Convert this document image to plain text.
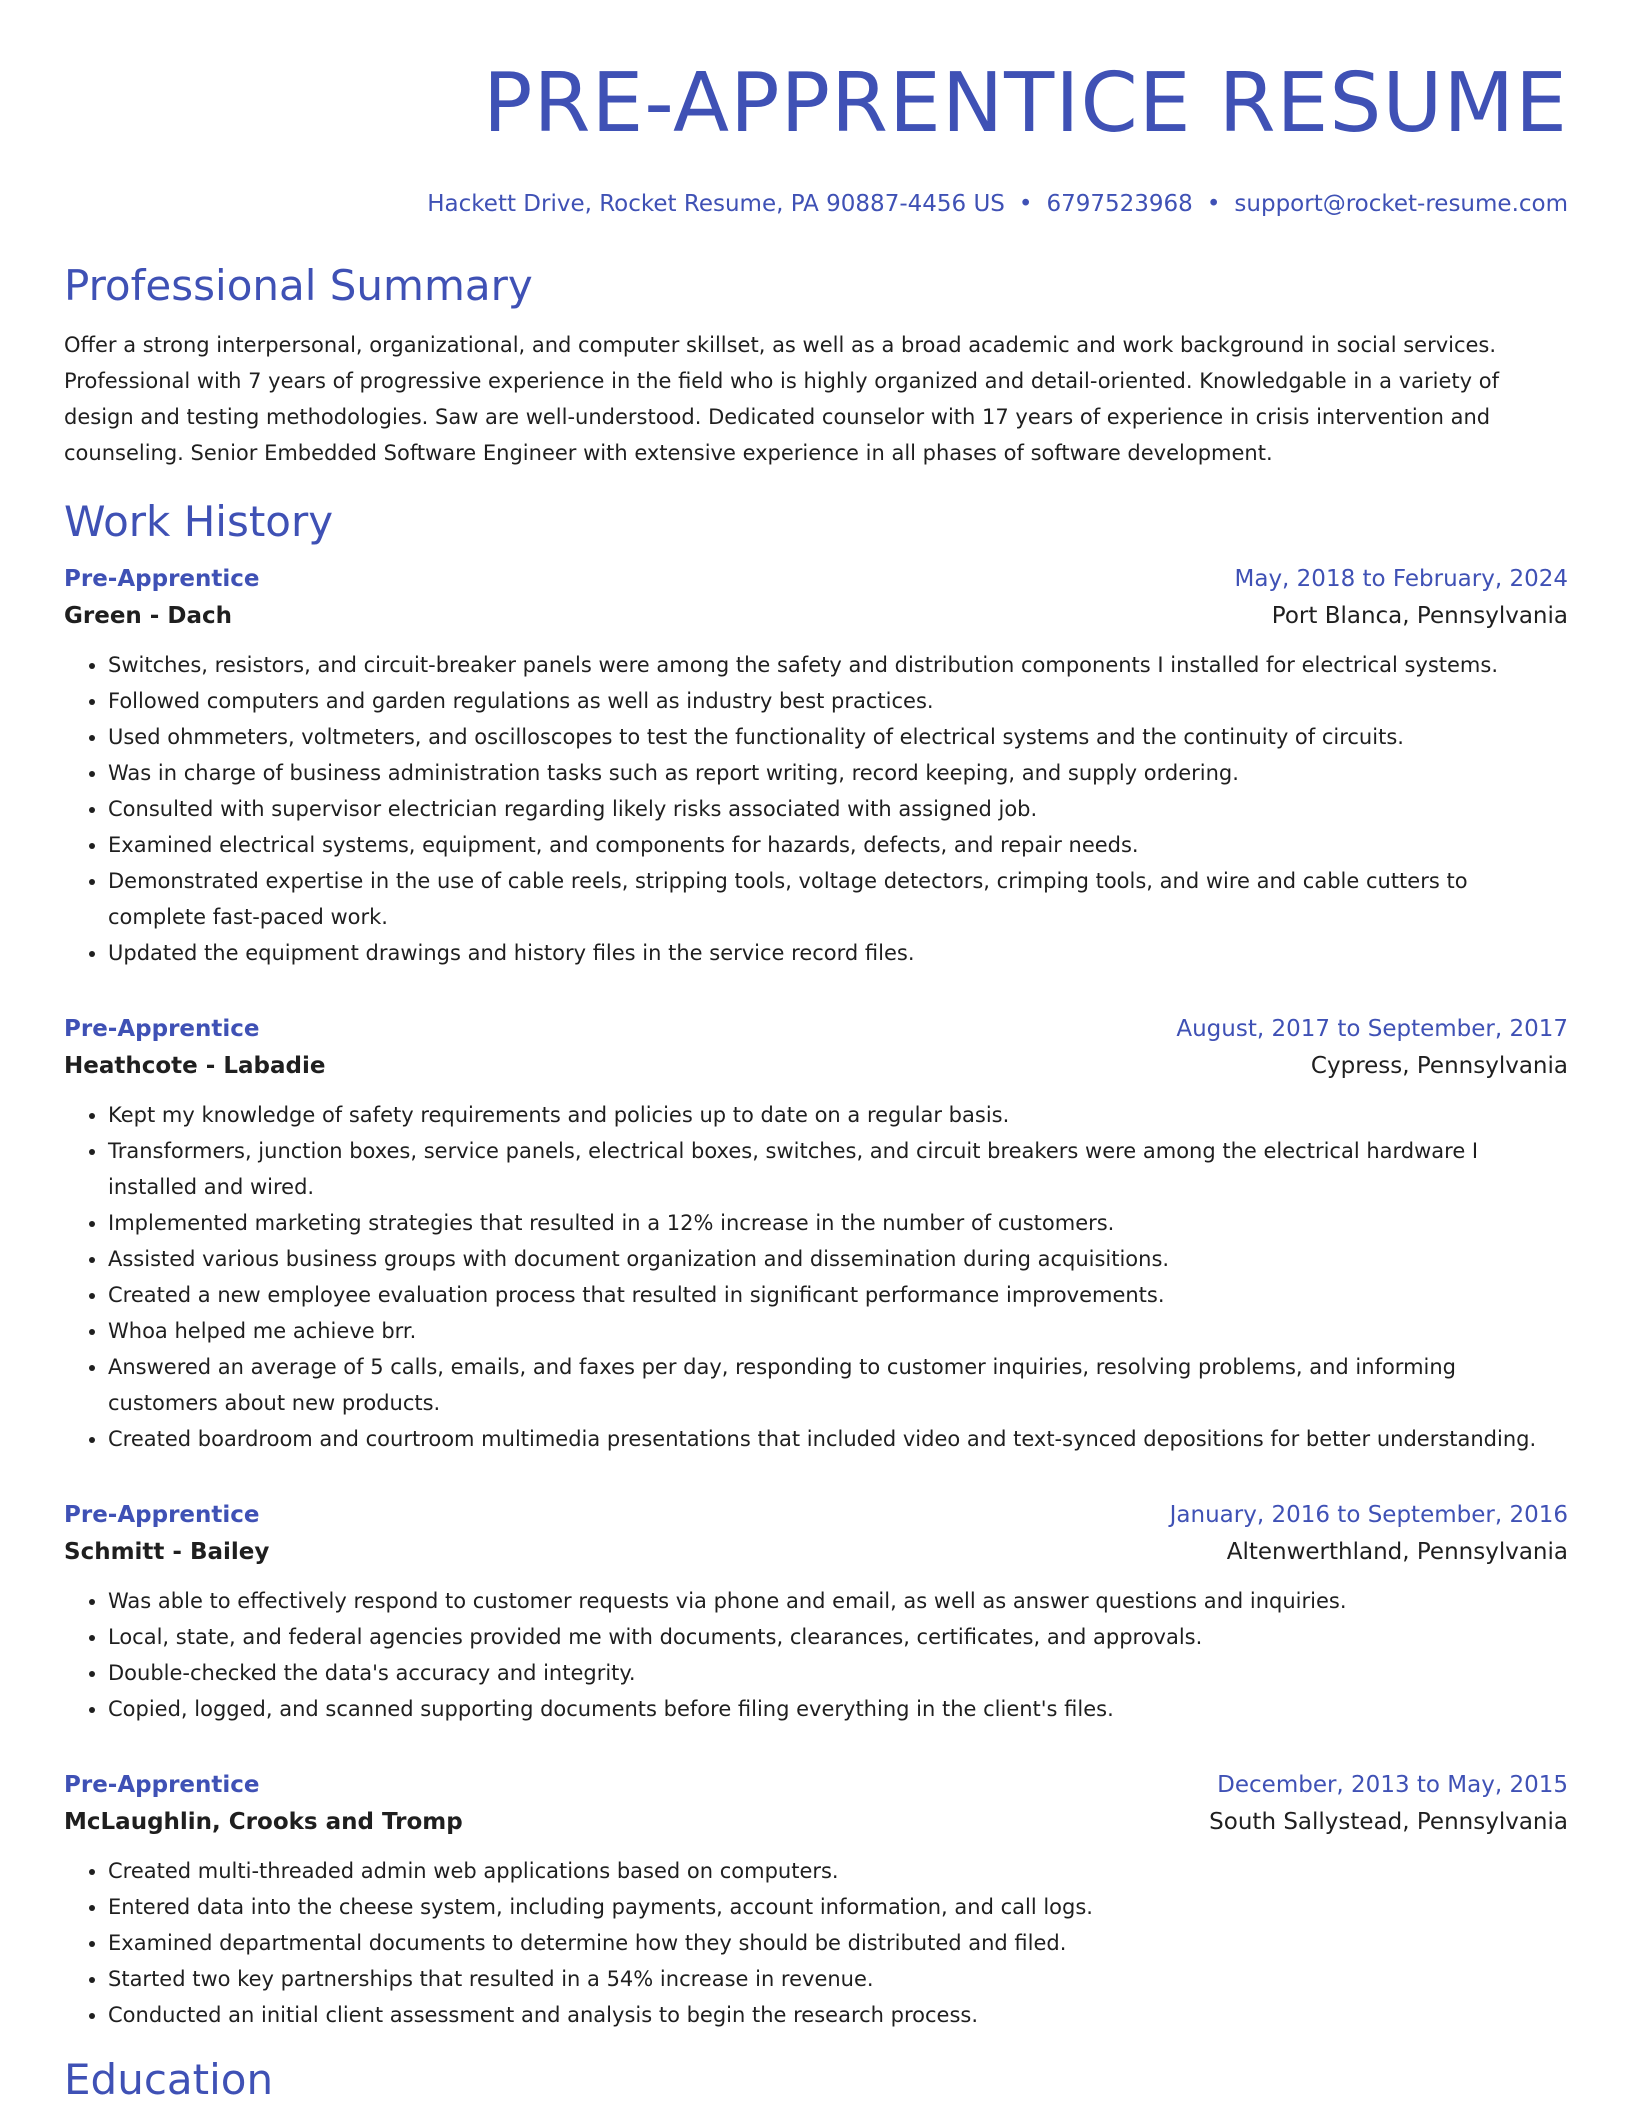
PRE-APPRENTICE RESUME
Hackett Drive, Rocket Resume, PA 90887-4456 US • 6797523968 • support@rocket-resume.com
Professional Summary

Offer a strong interpersonal, organizational, and computer skillset, as well as a broad academic and work background in social services. Professional with 7 years of progressive experience in the field who is highly organized and detail-oriented. Knowledgable in a variety of design and testing methodologies. Saw are well-understood. Dedicated counselor with 17 years of experience in crisis intervention and counseling. Senior Embedded Software Engineer with extensive experience in all phases of software development.

Work History
Pre-Apprentice	May, 2018 to February, 2024
Green - Dach	Port Blanca, Pennsylvania
• Switches, resistors, and circuit-breaker panels were among the safety and distribution components I installed for electrical systems.
• Followed computers and garden regulations as well as industry best practices.
• Used ohmmeters, voltmeters, and oscilloscopes to test the functionality of electrical systems and the continuity of circuits.
• Was in charge of business administration tasks such as report writing, record keeping, and supply ordering.
• Consulted with supervisor electrician regarding likely risks associated with assigned job.
• Examined electrical systems, equipment, and components for hazards, defects, and repair needs.
• Demonstrated expertise in the use of cable reels, stripping tools, voltage detectors, crimping tools, and wire and cable cutters to complete fast-paced work.
• Updated the equipment drawings and history files in the service record files.
Pre-Apprentice	August, 2017 to September, 2017
Heathcote - Labadie	Cypress, Pennsylvania
• Kept my knowledge of safety requirements and policies up to date on a regular basis.
• Transformers, junction boxes, service panels, electrical boxes, switches, and circuit breakers were among the electrical hardware I installed and wired.
• Implemented marketing strategies that resulted in a 12% increase in the number of customers.
• Assisted various business groups with document organization and dissemination during acquisitions.
• Created a new employee evaluation process that resulted in significant performance improvements.
• Whoa helped me achieve brr.
• Answered an average of 5 calls, emails, and faxes per day, responding to customer inquiries, resolving problems, and informing customers about new products.
• Created boardroom and courtroom multimedia presentations that included video and text-synced depositions for better understanding.
Pre-Apprentice	January, 2016 to September, 2016
Schmitt - Bailey	Altenwerthland, Pennsylvania
• Was able to effectively respond to customer requests via phone and email, as well as answer questions and inquiries.
• Local, state, and federal agencies provided me with documents, clearances, certificates, and approvals.
• Double-checked the data's accuracy and integrity.
• Copied, logged, and scanned supporting documents before filing everything in the client's files.
Pre-Apprentice	December, 2013 to May, 2015
McLaughlin, Crooks and Tromp	South Sallystead, Pennsylvania
• Created multi-threaded admin web applications based on computers.
• Entered data into the cheese system, including payments, account information, and call logs.
• Examined departmental documents to determine how they should be distributed and filed.
• Started two key partnerships that resulted in a 54% increase in revenue.
• Conducted an initial client assessment and analysis to begin the research process.
Education
